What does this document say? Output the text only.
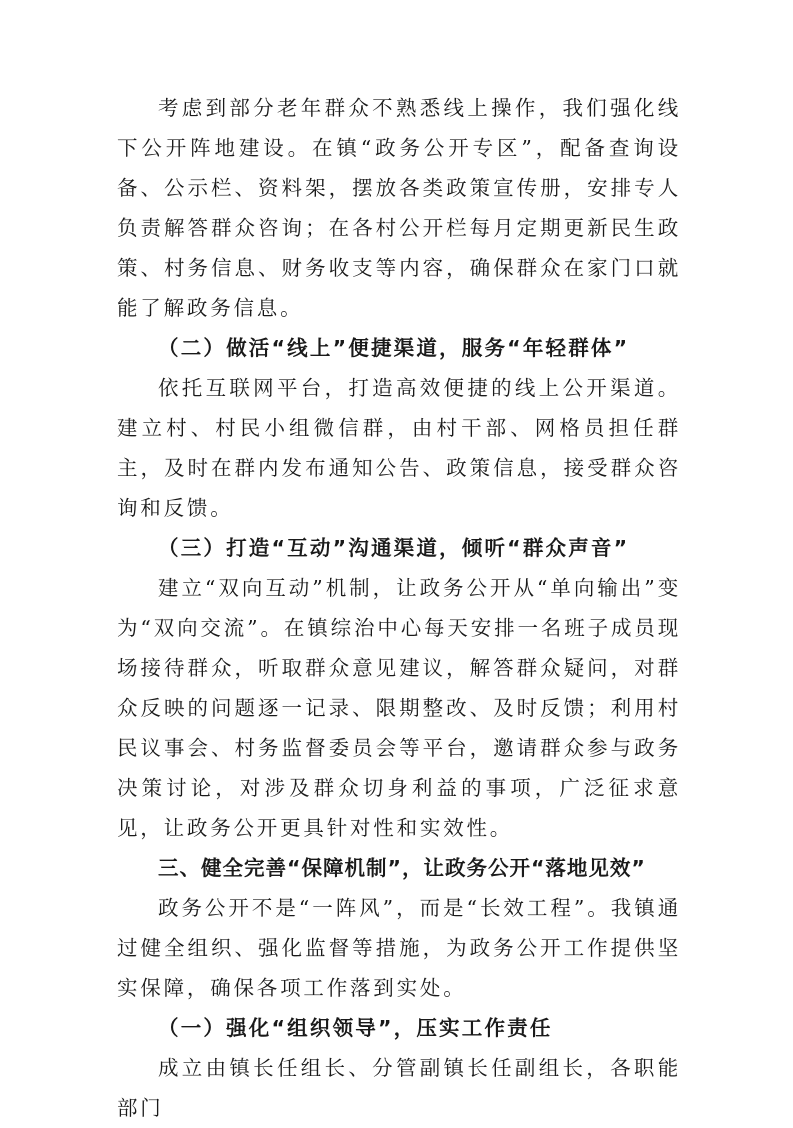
考虑到部分老年群众不熟悉线上操作，我们强化线下公开阵地建设。在镇“政务公开专区”，配备查询设备、公示栏、资料架，摆放各类政策宣传册，安排专人负责解答群众咨询；在各村公开栏每月定期更新民生政策、村务信息、财务收支等内容，确保群众在家门口就能了解政务信息。

（二）做活“线上”便捷渠道，服务“年轻群体”

依托互联网平台，打造高效便捷的线上公开渠道。建立村、村民小组微信群，由村干部、网格员担任群主，及时在群内发布通知公告、政策信息，接受群众咨询和反馈。

（三）打造“互动”沟通渠道，倾听“群众声音”

建立“双向互动”机制，让政务公开从“单向输出”变为“双向交流”。在镇综治中心每天安排一名班子成员现场接待群众，听取群众意见建议，解答群众疑问，对群众反映的问题逐一记录、限期整改、及时反馈；利用村民议事会、村务监督委员会等平台，邀请群众参与政务决策讨论，对涉及群众切身利益的事项，广泛征求意见，让政务公开更具针对性和实效性。

三、健全完善“保障机制”，让政务公开“落地见效”

政务公开不是“一阵风”，而是“长效工程”。我镇通过健全组织、强化监督等措施，为政务公开工作提供坚实保障，确保各项工作落到实处。

（一）强化“组织领导”，压实工作责任

成立由镇长任组长、分管副镇长任副组长，各职能部门
